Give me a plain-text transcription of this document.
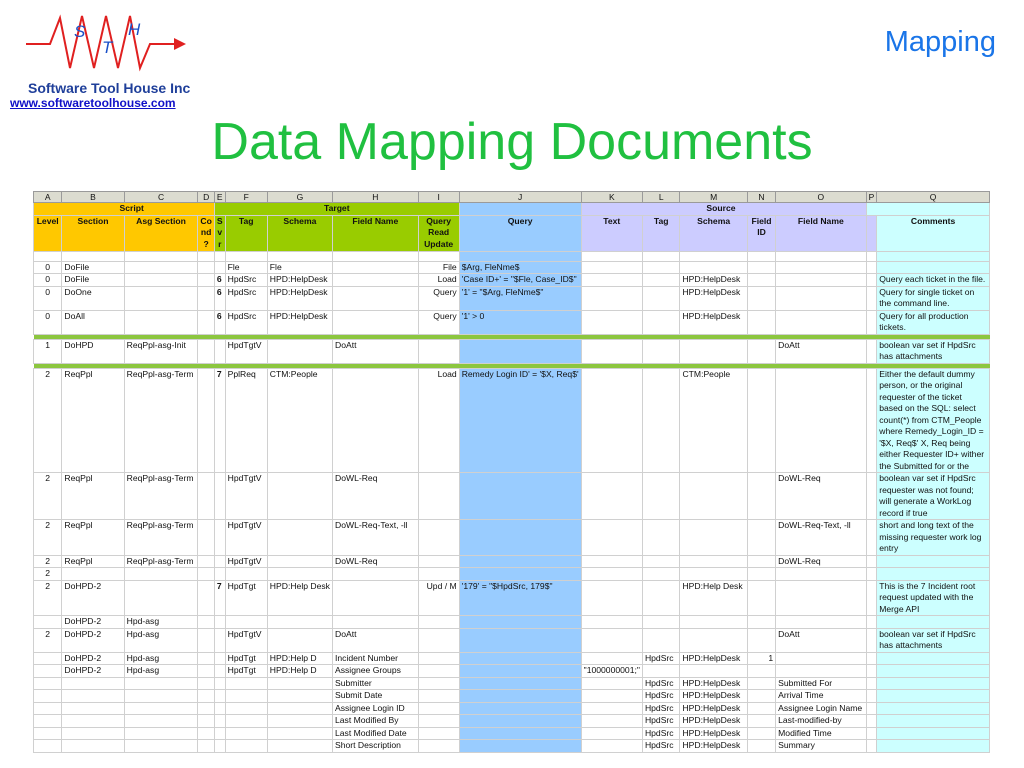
S
T
H
Software Tool House Inc
www.softwaretoolhouse.com
Mapping
Data Mapping Documents
A	B	C	D	E	F	G	H	I	J	K	L	M	N	O	P	Q
Script				Target						Source						
Level	Section	Asg Section	Co nd ?	S v r	Tag	Schema	Field Name	Query Read Update	Query	Text	Tag	Schema	Field ID	Field Name		Comments

0	DoFile				Fle	Fle		File	$Arg, FleNme$							
0	DoFile			6	HpdSrc	HPD:HelpDesk		Load	'Case ID+' = "$Fle, Case_ID$"			HPD:HelpDesk				Query each ticket in the file.
0	DoOne			6	HpdSrc	HPD:HelpDesk		Query	'1' = "$Arg, FleNme$"			HPD:HelpDesk				Query for single ticket on the command line.
0	DoAll			6	HpdSrc	HPD:HelpDesk		Query	'1' > 0			HPD:HelpDesk				Query for all production tickets.

1	DoHPD	ReqPpl-asg-Init			HpdTgtV		DoAtt							DoAtt		boolean var set if HpdSrc has attachments

2	ReqPpl	ReqPpl-asg-Term		7	PplReq	CTM:People		Load	Remedy Login ID' = '$X, Req$'			CTM:People				Either the default dummy person, or the original requester of the ticket based on the SQL: select count(*) from CTM_People where Remedy_Login_ID = '$X, Req$' X, Req being either Requester ID+ wither the Submitted for or the
2	ReqPpl	ReqPpl-asg-Term			HpdTgtV		DoWL-Req							DoWL-Req		boolean var set if HpdSrc requester was not found; will generate a WorkLog record if true
2	ReqPpl	ReqPpl-asg-Term			HpdTgtV		DoWL-Req-Text, -ll							DoWL-Req-Text, -ll		short and long text of the missing requester work log entry
2	ReqPpl	ReqPpl-asg-Term			HpdTgtV		DoWL-Req							DoWL-Req		
2																
2	DoHPD-2			7	HpdTgt	HPD:Help Desk		Upd / M	'179' = "$HpdSrc, 179$"			HPD:Help Desk				This is the 7 Incident root request updated with the Merge API
	DoHPD-2	Hpd-asg														
2	DoHPD-2	Hpd-asg			HpdTgtV		DoAtt							DoAtt		boolean var set if HpdSrc has attachments
	DoHPD-2	Hpd-asg			HpdTgt	HPD:Help D	Incident Number				HpdSrc	HPD:HelpDesk	1			
	DoHPD-2	Hpd-asg			HpdTgt	HPD:Help D	Assignee Groups			"1000000001;"						
							Submitter				HpdSrc	HPD:HelpDesk		Submitted For		
							Submit Date				HpdSrc	HPD:HelpDesk		Arrival Time		
							Assignee Login ID				HpdSrc	HPD:HelpDesk		Assignee Login Name		
							Last Modified By				HpdSrc	HPD:HelpDesk		Last-modified-by		
							Last Modified Date				HpdSrc	HPD:HelpDesk		Modified Time		
							Short Description				HpdSrc	HPD:HelpDesk		Summary		
